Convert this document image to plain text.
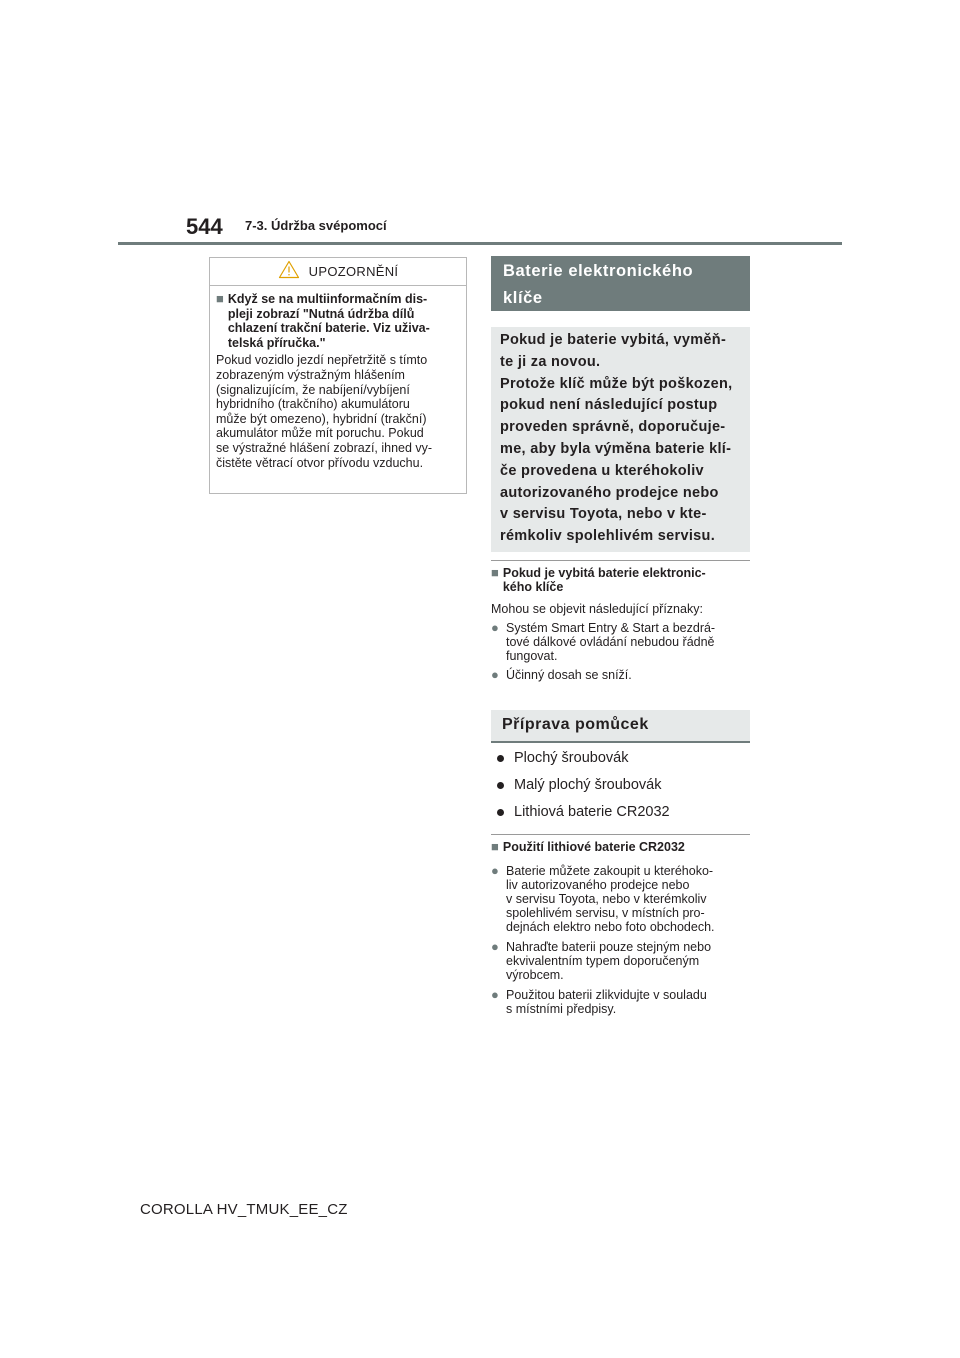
544 7-3. Údržba svépomocí
UPOZORNĚNÍ
■ Když se na multiinformačním dis-
pleji zobrazí "Nutná údržba dílů
chlazení trakční baterie. Viz uživa-
telská příručka."
Pokud vozidlo jezdí nepřetržitě s tímto
zobrazeným výstražným hlášením
(signalizujícím, že nabíjení/vybíjení
hybridního (trakčního) akumulátoru
může být omezeno), hybridní (trakční)
akumulátor může mít poruchu. Pokud
se výstražné hlášení zobrazí, ihned vy-
čistěte větrací otvor přívodu vzduchu.
Baterie elektronického
klíče
Pokud je baterie vybitá, vyměň-
te ji za novou.
Protože klíč může být poškozen,
pokud není následující postup
proveden správně, doporučuje-
me, aby byla výměna baterie klí-
če provedena u kteréhokoliv
autorizovaného prodejce nebo
v servisu Toyota, nebo v kte-
rémkoliv spolehlivém servisu.
■ Pokud je vybitá baterie elektronic-
kého klíče
Mohou se objevit následující příznaky:
● Systém Smart Entry & Start a bezdrá-
tové dálkové ovládání nebudou řádně
fungovat.
● Účinný dosah se sníží.
Příprava pomůcek
Plochý šroubovák
Malý plochý šroubovák
Lithiová baterie CR2032
■ Použití lithiové baterie CR2032
● Baterie můžete zakoupit u kteréhoko-
liv autorizovaného prodejce nebo
v servisu Toyota, nebo v kterémkoliv
spolehlivém servisu, v místních pro-
dejnách elektro nebo foto obchodech.
● Nahraďte baterii pouze stejným nebo
ekvivalentním typem doporučeným
výrobcem.
● Použitou baterii zlikvidujte v souladu
s místními předpisy.
COROLLA HV_TMUK_EE_CZ
